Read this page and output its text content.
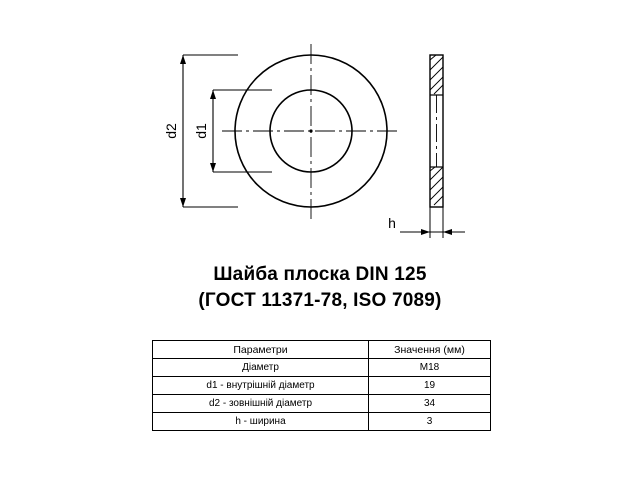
d2 d1
h
Шайба плоска DIN 125
(ГОСТ 11371-78, ISO 7089)
Параметри	Значення (мм)
Діаметр	M18
d1 - внутрішній діаметр	19
d2 - зовнішній діаметр	34
h - ширина	3
